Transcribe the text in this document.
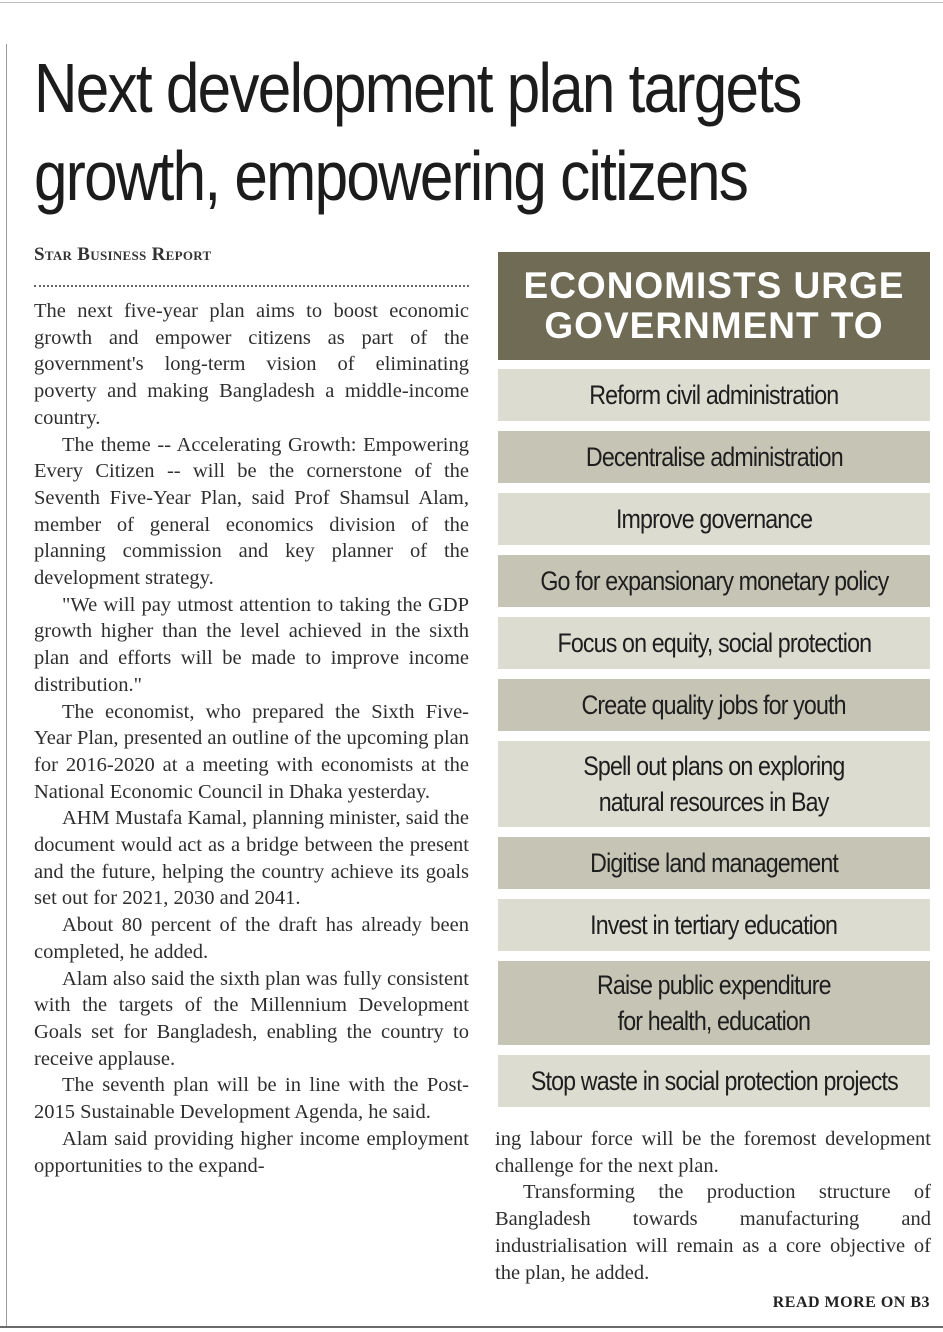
Next development plan targets
growth, empowering citizens
Star Business Report

The next five-year plan aims to boost economic growth and empower citizens as part of the government's long-term vision of eliminating poverty and making Bangladesh a middle-income country.

The theme -- Accelerating Growth: Empowering Every Citizen -- will be the cornerstone of the Seventh Five-Year Plan, said Prof Shamsul Alam, member of general economics division of the planning commission and key planner of the development strategy.

"We will pay utmost attention to taking the GDP growth higher than the level achieved in the sixth plan and efforts will be made to improve income distribution."

The economist, who prepared the Sixth Five-Year Plan, presented an outline of the upcoming plan for 2016-2020 at a meeting with economists at the National Economic Council in Dhaka yesterday.

AHM Mustafa Kamal, planning minister, said the document would act as a bridge between the present and the future, helping the country achieve its goals set out for 2021, 2030 and 2041.

About 80 percent of the draft has already been completed, he added.

Alam also said the sixth plan was fully consistent with the targets of the Millennium Development Goals set for Bangladesh, enabling the country to receive applause.

The seventh plan will be in line with the Post-2015 Sustainable Development Agenda, he said.

Alam said providing higher income employment opportunities to the expand-

ECONOMISTS URGE
GOVERNMENT TO
Reform civil administration
Decentralise administration
Improve governance
Go for expansionary monetary policy
Focus on equity, social protection
Create quality jobs for youth
Spell out plans on exploring
natural resources in Bay
Digitise land management
Invest in tertiary education
Raise public expenditure
for health, education
Stop waste in social protection projects

ing labour force will be the foremost development challenge for the next plan.

Transforming the production structure of Bangladesh towards manufacturing and industrialisation will remain as a core objective of the plan, he added.

READ MORE ON B3
